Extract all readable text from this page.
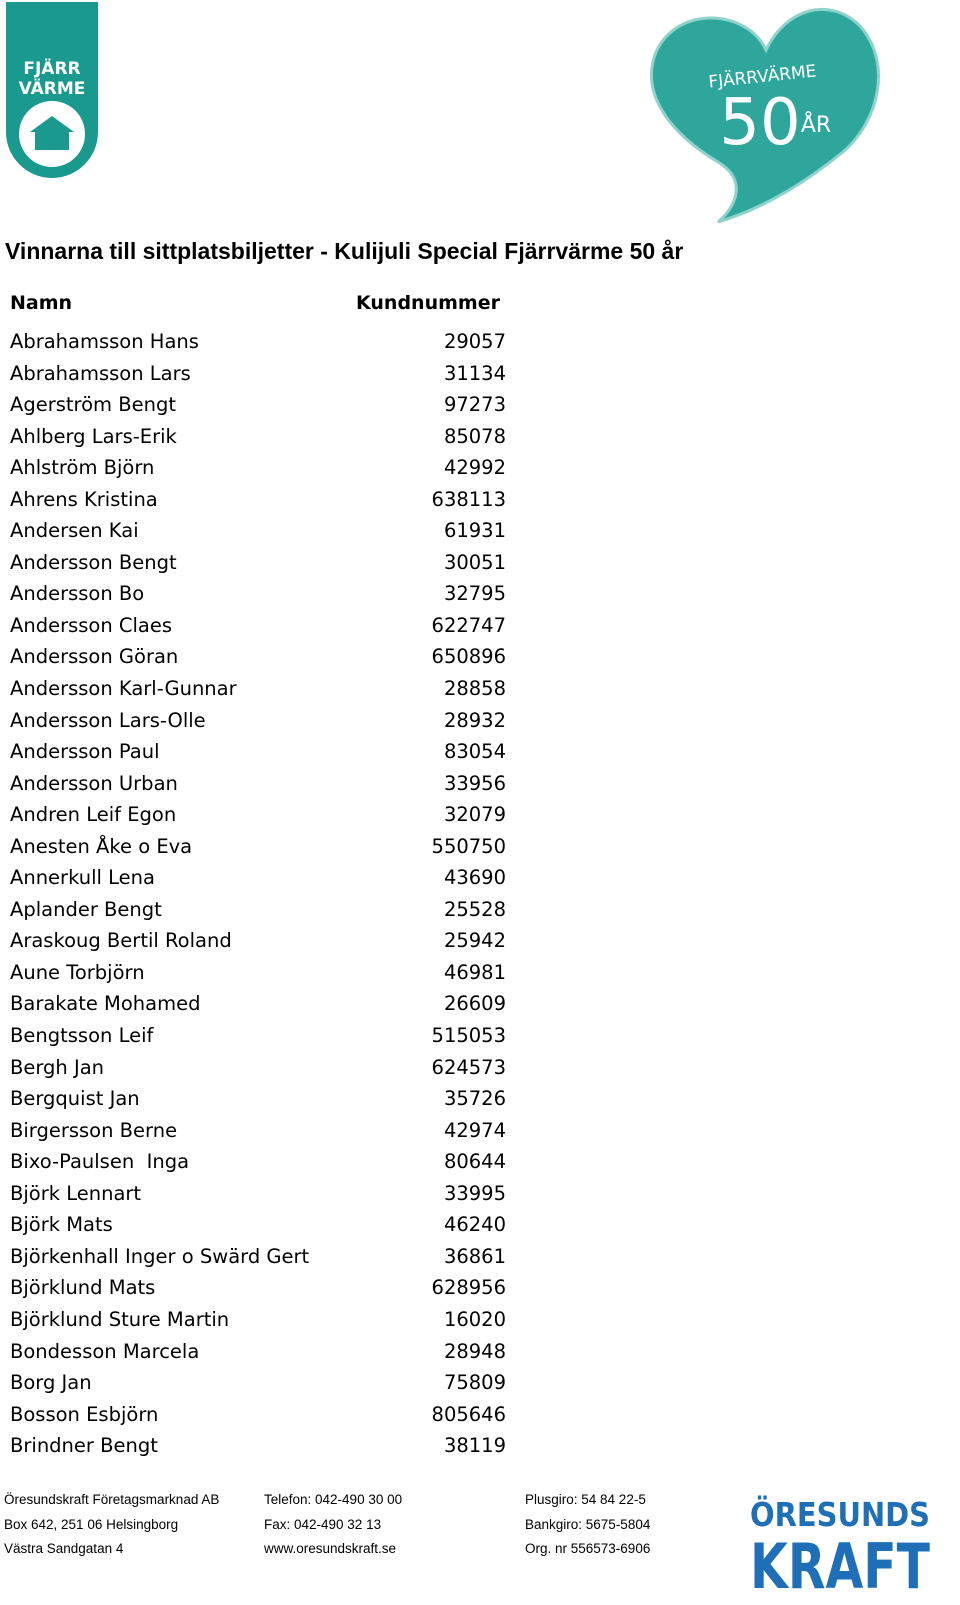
FJÄRR
VÄRME	FJÄRRVÄRME
50 ÅR
Vinnarna till sittplatsbiljetter - Kulijuli Special Fjärrvärme 50 år
Namn	Kundnummer
Abrahamsson Hans	29057
Abrahamsson Lars	31134
Agerström Bengt	97273
Ahlberg Lars-Erik	85078
Ahlström Björn	42992
Ahrens Kristina	638113
Andersen Kai	61931
Andersson Bengt	30051
Andersson Bo	32795
Andersson Claes	622747
Andersson Göran	650896
Andersson Karl-Gunnar	28858
Andersson Lars-Olle	28932
Andersson Paul	83054
Andersson Urban	33956
Andren Leif Egon	32079
Anesten Åke o Eva	550750
Annerkull Lena	43690
Aplander Bengt	25528
Araskoug Bertil Roland	25942
Aune Torbjörn	46981
Barakate Mohamed	26609
Bengtsson Leif	515053
Bergh Jan	624573
Bergquist Jan	35726
Birgersson Berne	42974
Bixo-Paulsen  Inga	80644
Björk Lennart	33995
Björk Mats	46240
Björkenhall Inger o Swärd Gert	36861
Björklund Mats	628956
Björklund Sture Martin	16020
Bondesson Marcela	28948
Borg Jan	75809
Bosson Esbjörn	805646
Brindner Bengt	38119
Öresundskraft Företagsmarknad AB
Box 642, 251 06 Helsingborg
Västra Sandgatan 4
Telefon: 042-490 30 00
Fax: 042-490 32 13
www.oresundskraft.se
Plusgiro: 54 84 22-5
Bankgiro: 5675-5804
Org. nr 556573-6906
ÖRESUNDS
KRAFT
